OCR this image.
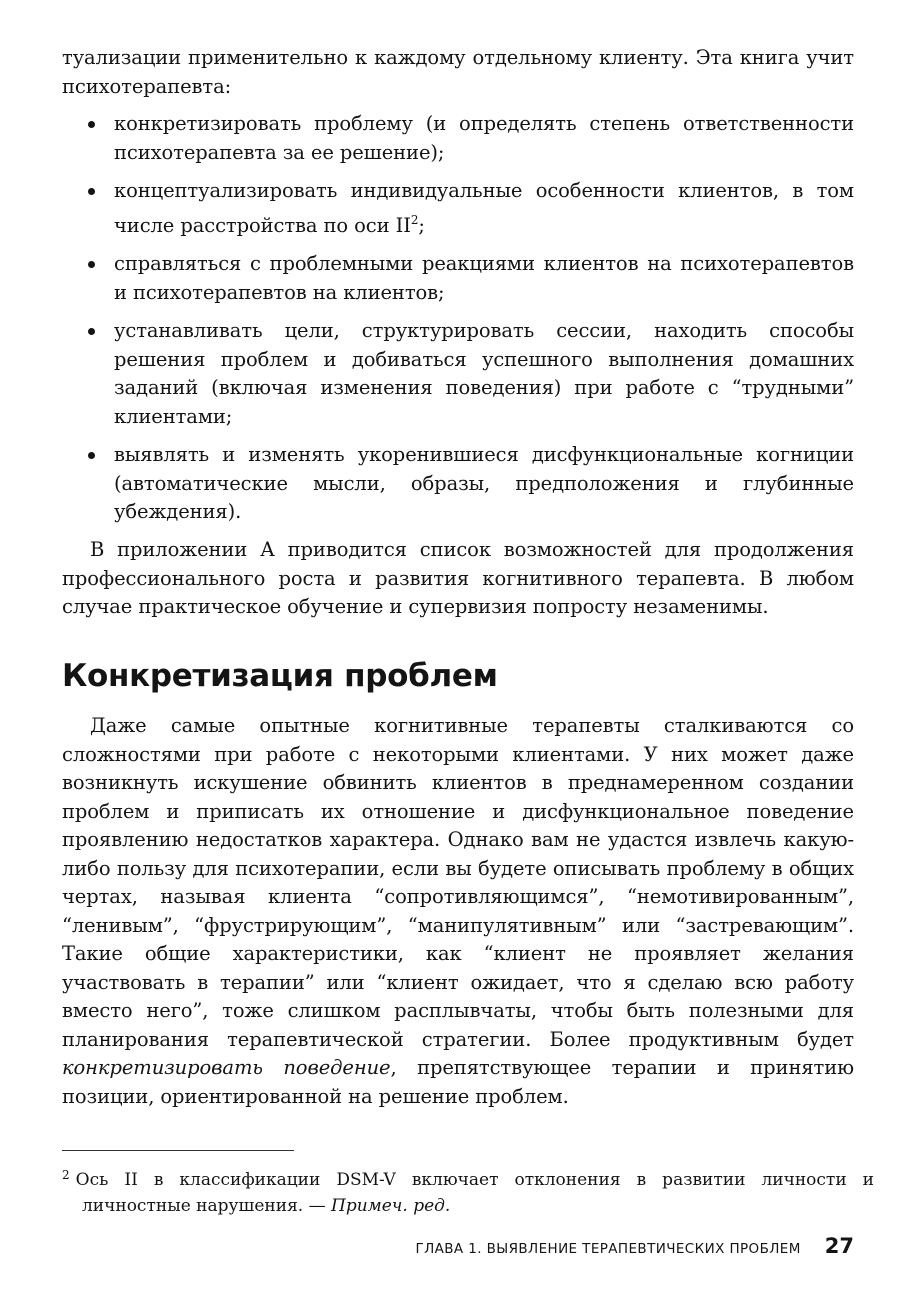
туализации применительно к каждому отдельному клиенту. Эта книга учит психотерапевта:

конкретизировать проблему (и определять степень ответственности психотерапевта за ее решение);
концептуализировать индивидуальные особенности клиентов, в том числе расстройства по оси II$^2$;
справляться с проблемными реакциями клиентов на психотерапевтов и психотерапевтов на клиентов;
устанавливать цели, структурировать сессии, находить способы решения проблем и добиваться успешного выполнения домашних заданий (включая изменения поведения) при работе с “трудными” клиентами;
выявлять и изменять укоренившиеся дисфункциональные когниции (автоматические мысли, образы, предположения и глубинные убеждения).

В приложении А приводится список возможностей для продолжения профессионального роста и развития когнитивного терапевта. В любом случае практическое обучение и супервизия попросту незаменимы.

Конкретизация проблем

Даже самые опытные когнитивные терапевты сталкиваются со сложностями при работе с некоторыми клиентами. У них может даже возникнуть искушение обвинить клиентов в преднамеренном создании проблем и приписать их отношение и дисфункциональное поведение проявлению недостатков характера. Однако вам не удастся извлечь какую-либо пользу для психотерапии, если вы будете описывать проблему в общих чертах, называя клиента “сопротивляющимся”, “немотивированным”, “ленивым”, “фрустрирующим”, “манипулятивным” или “застревающим”. Такие общие характеристики, как “клиент не проявляет желания участвовать в терапии” или “клиент ожидает, что я сделаю всю работу вместо него”, тоже слишком расплывчаты, чтобы быть полезными для планирования терапевтической стратегии. Более продуктивным будет конкретизировать поведение, препятствующее терапии и принятию позиции, ориентированной на решение проблем.

$^2$ Ось II в классификации DSM-V включает отклонения в развитии личности и личностные нарушения. — Примеч. ред.

ГЛАВА 1. ВЫЯВЛЕНИЕ ТЕРАПЕВТИЧЕСКИХ ПРОБЛЕМ 27
